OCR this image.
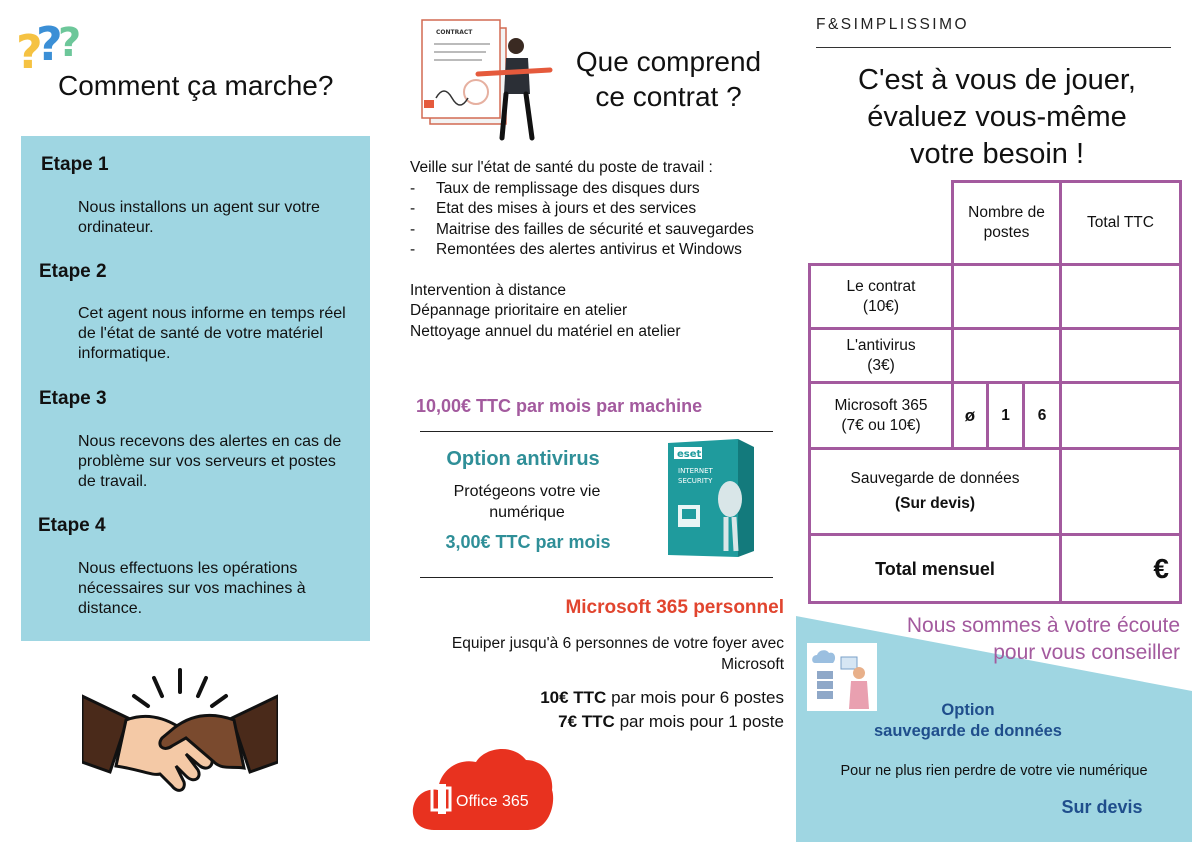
?
?
?
Comment ça marche?
Etape 1
Nous installons un agent sur votre ordinateur.
Etape 2
Cet agent nous informe en temps réel de l'état de santé de votre matériel informatique.
Etape 3
Nous recevons des alertes en cas de problème sur vos serveurs et postes de travail.
Etape 4
Nous effectuons les opérations nécessaires sur vos machines à distance.
CONTRACT
Que comprend
ce contrat ?
Veille sur l'état de santé du poste de travail :
-	Taux de remplissage des disques durs
-	Etat des mises à jours et des services
- Maitrise des failles de sécurité et sauvegardes
- Remontées des alertes antivirus et Windows
Intervention à distance
Dépannage prioritaire en atelier
Nettoyage annuel du matériel en atelier
10,00€ TTC par mois par machine
Option antivirus
Protégeons votre vie numérique
3,00€ TTC par mois
eset
INTERNET
SECURITY
Microsoft 365 personnel
Equiper jusqu'à 6 personnes de votre foyer avec Microsoft
10€ TTC par mois pour 6 postes
7€ TTC par mois pour 1 poste
Office 365
F&SIMPLISSIMO
C'est à vous de jouer,
évaluez vous-même
votre besoin !

	Nombre de postes			Total TTC

Le contrat
(10€)				

L'antivirus
(3€)				

Microsoft 365
(7€ ou 10€)	ø	1	6	

Sauvegarde de données
(Sur devis)				

Total mensuel				€
Nous sommes à votre écoute pour vous conseiller
Option
sauvegarde de données
Pour ne plus rien perdre de votre vie numérique
Sur devis
